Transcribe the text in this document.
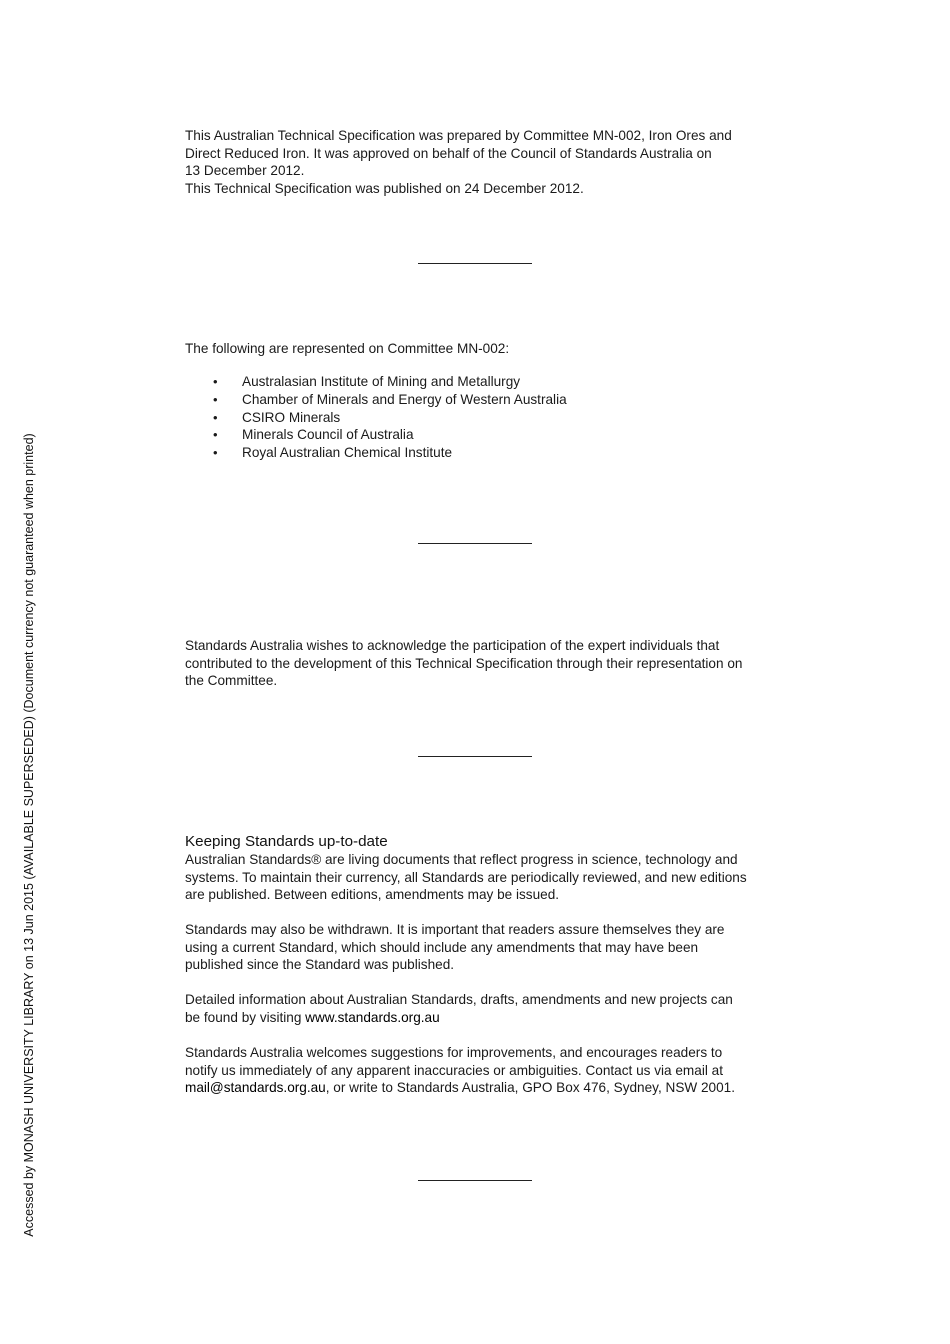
Accessed by MONASH UNIVERSITY LIBRARY on 13 Jun 2015 (AVAILABLE SUPERSEDED) (Document currency not guaranteed when printed)

This Australian Technical Specification was prepared by Committee MN-002, Iron Ores and

Direct Reduced Iron. It was approved on behalf of the Council of Standards Australia on

13 December 2012.

This Technical Specification was published on 24 December 2012.

The following are represented on Committee MN-002:

• Australasian Institute of Mining and Metallurgy
• Chamber of Minerals and Energy of Western Australia
• CSIRO Minerals
• Minerals Council of Australia
• Royal Australian Chemical Institute

Standards Australia wishes to acknowledge the participation of the expert individuals that

contributed to the development of this Technical Specification through their representation on

the Committee.

Keeping Standards up-to-date

Australian Standards® are living documents that reflect progress in science, technology and

systems. To maintain their currency, all Standards are periodically reviewed, and new editions

are published. Between editions, amendments may be issued.

Standards may also be withdrawn. It is important that readers assure themselves they are

using a current Standard, which should include any amendments that may have been

published since the Standard was published.

Detailed information about Australian Standards, drafts, amendments and new projects can

be found by visiting www.standards.org.au

Standards Australia welcomes suggestions for improvements, and encourages readers to

notify us immediately of any apparent inaccuracies or ambiguities. Contact us via email at

mail@standards.org.au, or write to Standards Australia, GPO Box 476, Sydney, NSW 2001.
